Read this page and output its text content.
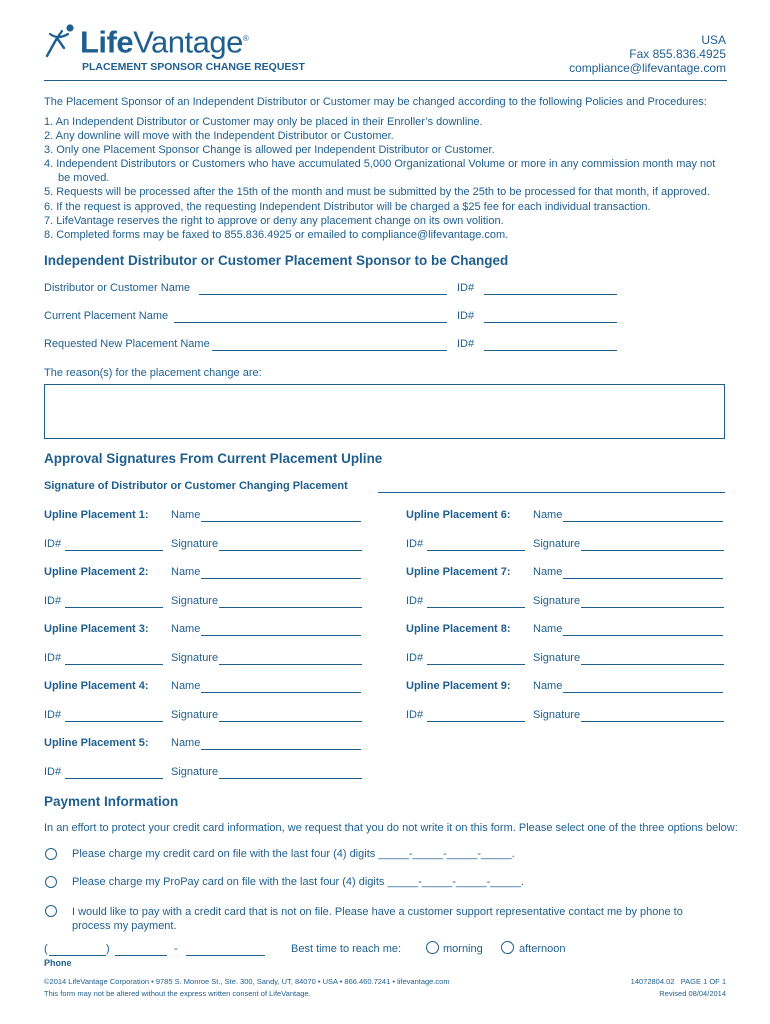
LifeVantage®
PLACEMENT SPONSOR CHANGE REQUEST
USA
Fax 855.836.4925
compliance@lifevantage.com
The Placement Sponsor of an Independent Distributor or Customer may be changed according to the following Policies and Procedures:
1. An Independent Distributor or Customer may only be placed in their Enroller’s downline.
2. Any downline will move with the Independent Distributor or Customer.
3. Only one Placement Sponsor Change is allowed per Independent Distributor or Customer.
4. Independent Distributors or Customers who have accumulated 5,000 Organizational Volume or more in any commission month may not
be moved.
5. Requests will be processed after the 15th of the month and must be submitted by the 25th to be processed for that month, if approved.
6. If the request is approved, the requesting Independent Distributor will be charged a $25 fee for each individual transaction.
7. LifeVantage reserves the right to approve or deny any placement change on its own volition.
8. Completed forms may be faxed to 855.836.4925 or emailed to compliance@lifevantage.com.
Independent Distributor or Customer Placement Sponsor to be Changed
Distributor or Customer Name	ID#
Current Placement Name	ID#
Requested New Placement Name	ID#
The reason(s) for the placement change are:
Approval Signatures From Current Placement Upline
Signature of Distributor or Customer Changing Placement
Upline Placement 1: Name
ID#	Signature
Upline Placement 2: Name
ID#	Signature
Upline Placement 3: Name
ID#	Signature
Upline Placement 4: Name
ID#	Signature
Upline Placement 5: Name
ID#	Signature
Upline Placement 6: Name
ID#	Signature
Upline Placement 7: Name
ID#	Signature
Upline Placement 8: Name
ID#	Signature
Upline Placement 9: Name
ID#	Signature
Payment Information
In an effort to protect your credit card information, we request that you do not write it on this form. Please select one of the three options below:
Please charge my credit card on file with the last four (4) digits _____-_____-_____-_____.
Please charge my ProPay card on file with the last four (4) digits _____-_____-_____-_____.
I would like to pay with a credit card that is not on file. Please have a customer support representative contact me by phone to
process my payment.
(	)	-
Phone
Best time to reach me:	morning	afternoon
©2014 LifeVantage Corporation • 9785 S. Monroe St., Ste. 300, Sandy, UT, 84070 • USA • 866.460.7241 • lifevantage.com
This form may not be altered without the express written consent of LifeVantage.
14072804.02   PAGE 1 OF 1
Revised 08/04/2014
